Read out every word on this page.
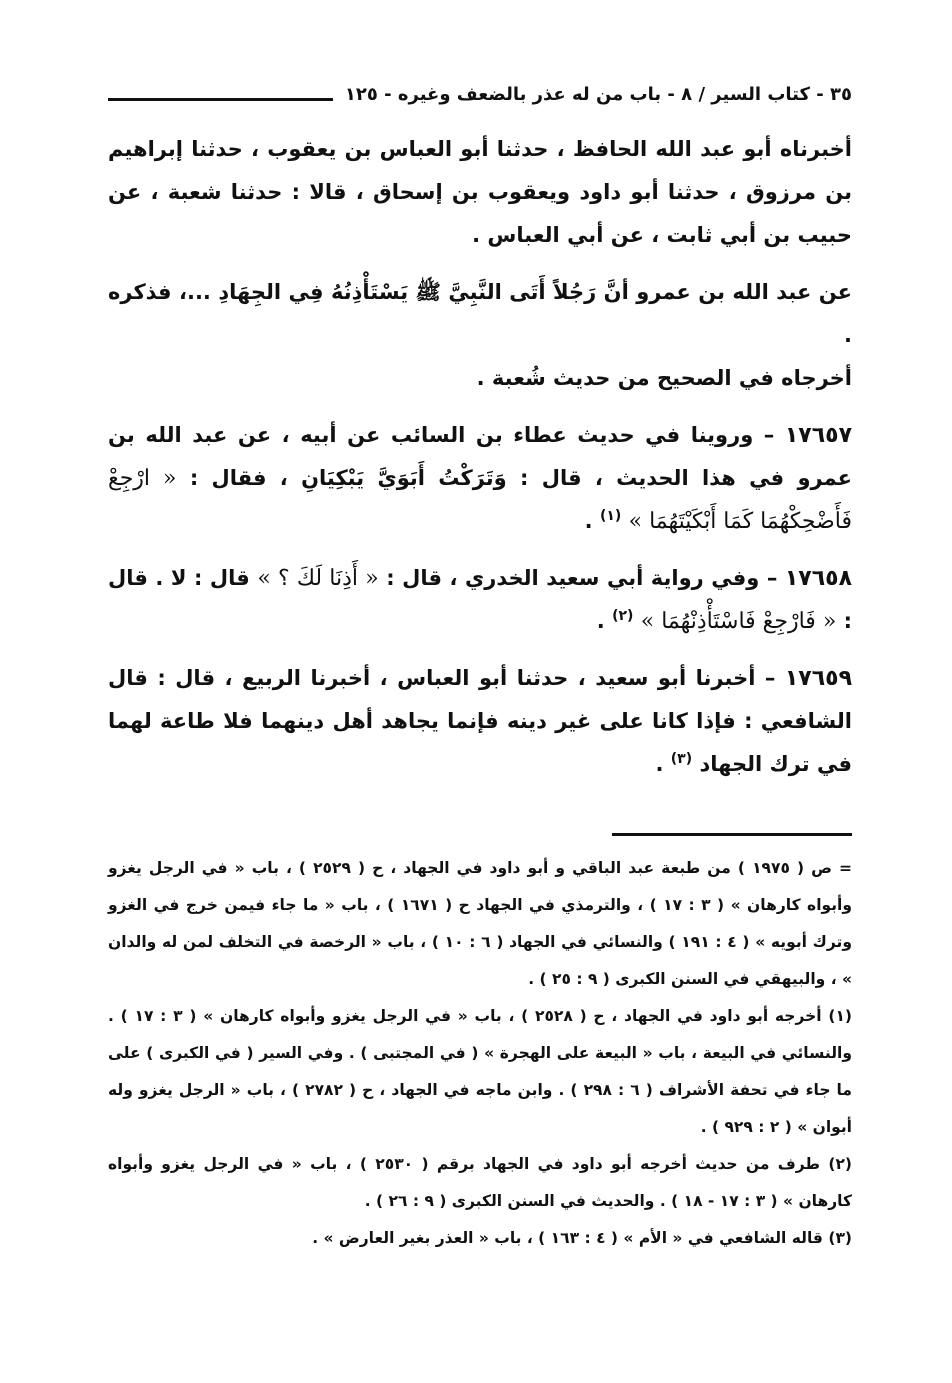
٣٥ - كتاب السير / ٨ - باب من له عذر بالضعف وغيره - ١٢٥

أخبرناه أبو عبد الله الحافظ ، حدثنا أبو العباس بن يعقوب ، حدثنا إبراهيم بن مرزوق ، حدثنا أبو داود ويعقوب بن إسحاق ، قالا : حدثنا شعبة ، عن حبيب بن أبي ثابت ، عن أبي العباس .

عن عبد الله بن عمرو أنَّ رَجُلاً أَتَى النَّبِيَّ ﷺ يَسْتَأْذِنُهُ فِي الجِهَادِ ...، فذكره .

أخرجاه في الصحيح من حديث شُعبة .

١٧٦٥٧ – وروينا في حديث عطاء بن السائب عن أبيه ، عن عبد الله بن عمرو في هذا الحديث ، قال : وَتَرَكْتُ أَبَوَيَّ يَبْكِيَانِ ، فقال : « ارْجِعْ فَأَضْحِكْهُمَا كَمَا أَبْكَيْتَهُمَا » $^{(١)}$ .

١٧٦٥٨ – وفي رواية أبي سعيد الخدري ، قال : « أَذِنَا لَكَ ؟ » قال : لا . قال : « فَارْجِعْ فَاسْتَأْذِنْهُمَا » $^{(٢)}$ .

١٧٦٥٩ – أخبرنا أبو سعيد ، حدثنا أبو العباس ، أخبرنا الربيع ، قال : قال الشافعي : فإذا كانا على غير دينه فإنما يجاهد أهل دينهما فلا طاعة لهما في ترك الجهاد $^{(٣)}$ .

= ص ( ١٩٧٥ ) من طبعة عبد الباقي و أبو داود في الجهاد ، ح ( ٢٥٢٩ ) ، باب « في الرجل يغزو وأبواه كارهان » ( ٣ : ١٧ ) ، والترمذي في الجهاد ح ( ١٦٧١ ) ، باب « ما جاء فيمن خرج في الغزو وترك أبويه » ( ٤ : ١٩١ ) والنسائي في الجهاد ( ٦ : ١٠ ) ، باب « الرخصة في التخلف لمن له والدان » ، والبيهقي في السنن الكبرى ( ٩ : ٢٥ ) .

(١) أخرجه أبو داود في الجهاد ، ح ( ٢٥٢٨ ) ، باب « في الرجل يغزو وأبواه كارهان » ( ٣ : ١٧ ) . والنسائي في البيعة ، باب « البيعة على الهجرة » ( في المجتبى ) . وفي السير ( في الكبرى ) على ما جاء في تحفة الأشراف ( ٦ : ٢٩٨ ) . وابن ماجه في الجهاد ، ح ( ٢٧٨٢ ) ، باب « الرجل يغزو وله أبوان » ( ٢ : ٩٢٩ ) .

(٢) طرف من حديث أخرجه أبو داود في الجهاد برقم ( ٢٥٣٠ ) ، باب « في الرجل يغزو وأبواه كارهان » ( ٣ : ١٧ - ١٨ ) . والحديث في السنن الكبرى ( ٩ : ٢٦ ) .

(٣) قاله الشافعي في « الأم » ( ٤ : ١٦٣ ) ، باب « العذر بغير العارض » .
